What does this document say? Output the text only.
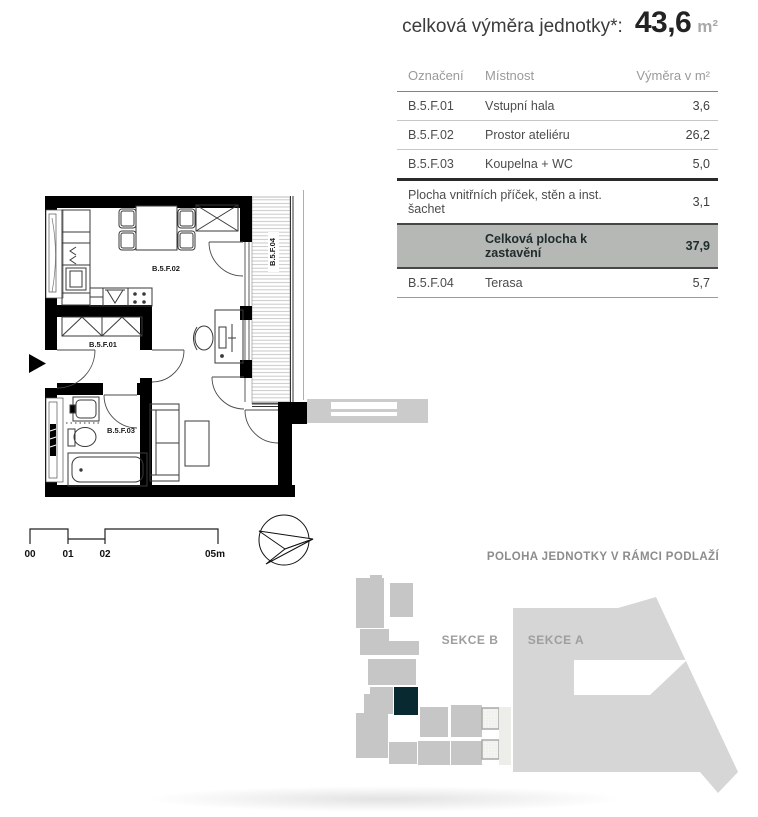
celková výměra jednotky*: 43,6 m²
Označení	Místnost	Výměra v m²
B.5.F.01	Vstupní hala	3,6
B.5.F.02	Prostor ateliéru	26,2
B.5.F.03	Koupelna + WC	5,0
Plocha vnitřních příček, stěn a inst. šachet		3,1
	Celková plocha k zastavění	37,9
B.5.F.04	Terasa	5,7
B.5.F.04
B.5.F.01
B.5.F.02
B.5.F.03
00	01	02	05m	POLOHA JEDNOTKY V RÁMCI PODLAŽÍ
SEKCE B SEKCE A
